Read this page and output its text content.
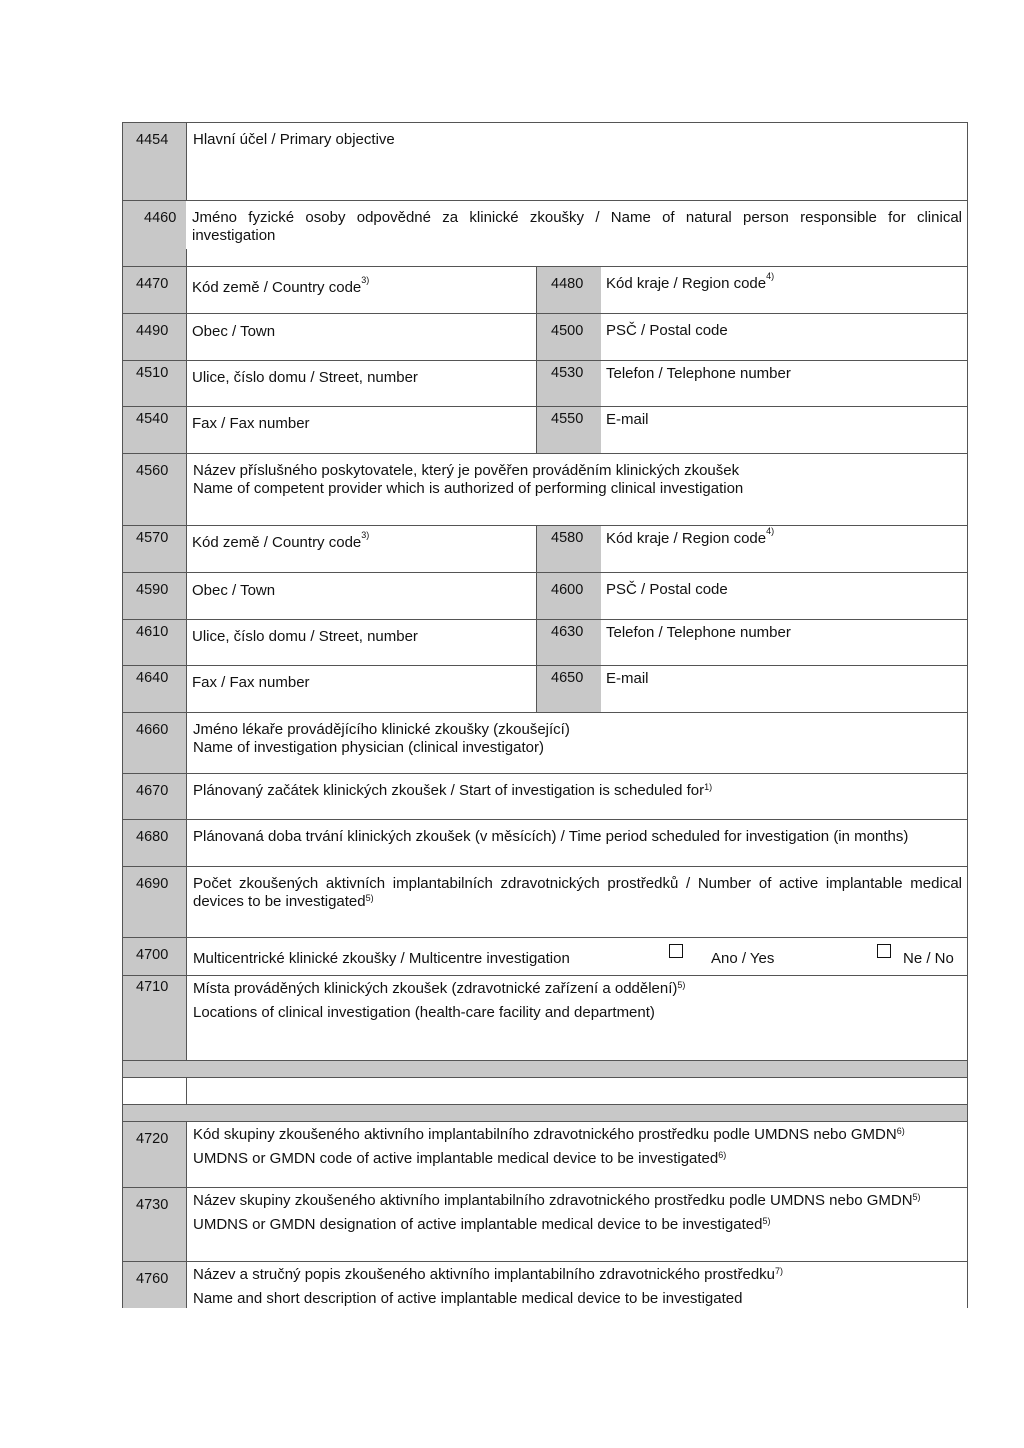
4454 Hlavní účel / Primary objective
4460 Jméno fyzické osoby odpovědné za klinické zkoušky / Name of natural person responsible for clinical
investigation
4470 Kód země / Country code$^{3)}$	4480 Kód kraje / Region code$^{4)}$
4490 Obec / Town	4500 PSČ / Postal code
4510 Ulice, číslo domu / Street, number	4530 Telefon / Telephone number
4540 Fax / Fax number	4550 E-mail
4560 Název příslušného poskytovatele, který je pověřen prováděním klinických zkoušek
Name of competent provider which is authorized of performing clinical investigation
4570 Kód země / Country code$^{3)}$	4580 Kód kraje / Region code$^{4)}$
4590 Obec / Town	4600 PSČ / Postal code
4610 Ulice, číslo domu / Street, number	4630 Telefon / Telephone number
4640 Fax / Fax number	4650 E-mail
4660 Jméno lékaře provádějícího klinické zkoušky (zkoušející)
Name of investigation physician (clinical investigator)
4670 Plánovaný začátek klinických zkoušek / Start of investigation is scheduled for$^{1)}$
4680 Plánovaná doba trvání klinických zkoušek (v měsících) / Time period scheduled for investigation (in months)
4690 Počet zkoušených aktivních implantabilních zdravotnických prostředků / Number of active implantable medical
devices to be investigated$^{5)}$
4700 Multicentrické klinické zkoušky / Multicentre investigation	Ano / Yes	Ne / No
4710 Místa prováděných klinických zkoušek (zdravotnické zařízení a oddělení)$^{5)}$
Locations of clinical investigation (health-care facility and department)
4720 Kód skupiny zkoušeného aktivního implantabilního zdravotnického prostředku podle UMDNS nebo GMDN$^{6)}$
UMDNS or GMDN code of active implantable medical device to be investigated$^{6)}$
4730 Název skupiny zkoušeného aktivního implantabilního zdravotnického prostředku podle UMDNS nebo GMDN$^{5)}$
UMDNS or GMDN designation of active implantable medical device to be investigated$^{5)}$
4760 Název a stručný popis zkoušeného aktivního implantabilního zdravotnického prostředku$^{7)}$
Name and short description of active implantable medical device to be investigated
